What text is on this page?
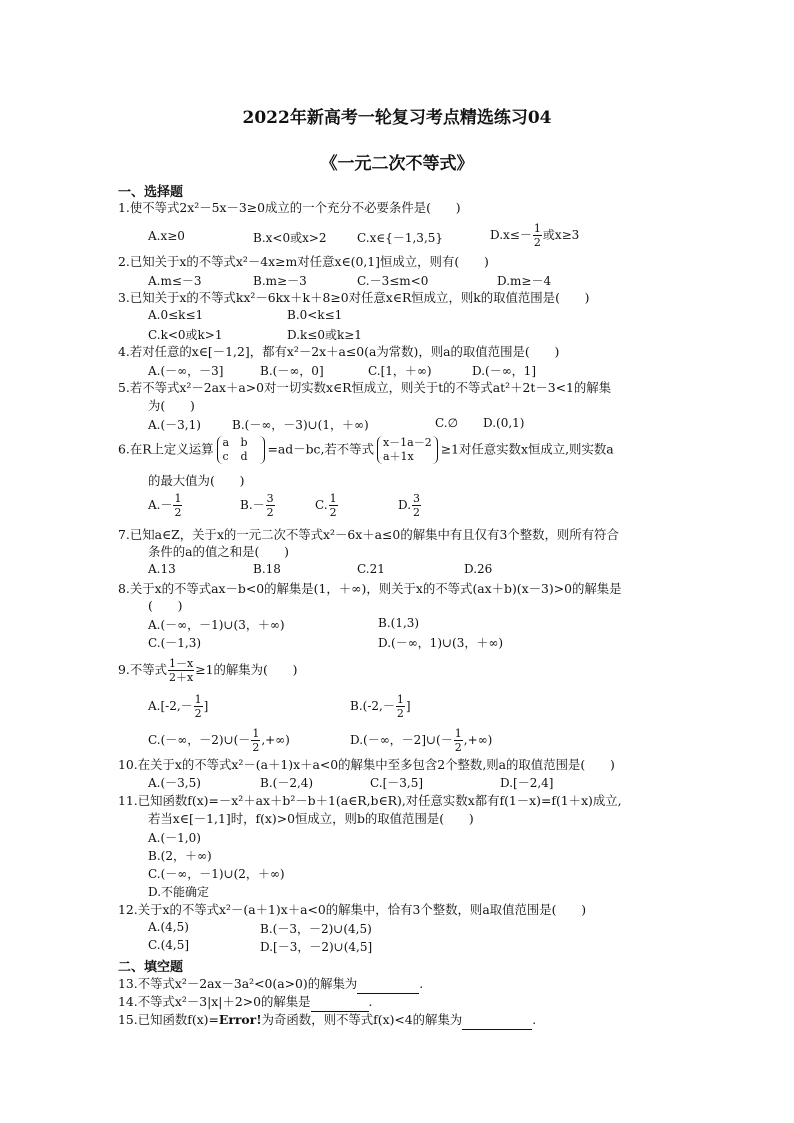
2022年新高考一轮复习考点精选练习04
《一元二次不等式》
一、选择题
1.使不等式2x²－5x－3≥0成立的一个充分不必要条件是(　　)
A.x≥0	B.x<0或x>2	C.x∈{－1,3,5}	$D.x\le- \frac{1}{2}$ 或x≥3
2.已知关于x的不等式x²－4x≥m对任意x∈(0,1]恒成立，则有(　　)
A.m≤－3	B.m≥－3	C.－3≤m<0	D.m≥－4
3.已知关于x的不等式kx²－6kx＋k＋8≥0对任意x∈R恒成立，则k的取值范围是(　　)
A.0≤k≤1	B.0<k≤1
C.k<0或k>1	D.k≤0或k≥1
4.若对任意的x∈[－1,2]，都有x²－2x＋a≤0(a为常数)，则a的取值范围是(　　)
A.(－∞，－3]	B.(－∞，0]	C.[1，＋∞)	D.(－∞，1]
5.若不等式x²－2ax＋a>0对一切实数x∈R恒成立，则关于t的不等式at²＋2t－3<1的解集
为(　　)
A.(－3,1)	B.(－∞，－3)∪(1，＋∞)	C.∅ D.(0,1)
6.在R上定义运算 a b
c d =ad－bc,若不等式 x－1a－2
a＋1x ≥1对任意实数x恒成立,则实数a
的最大值为(　　)
$A.- \frac{1}{2}$	$B.- \frac{3}{2}$	C. $\frac{1}{2}$	D. $\frac{3}{2}$
7.已知a∈Z，关于x的一元二次不等式x²－6x＋a≤0的解集中有且仅有3个整数，则所有符合
条件的a的值之和是(　　)
A.13	B.18	C.21	D.26
8.关于x的不等式ax－b<0的解集是(1，＋∞)，则关于x的不等式(ax＋b)(x－3)>0的解集是
(　　)
A.(－∞，－1)∪(3，＋∞)	B.(1,3)
C.(－1,3)	D.(－∞，1)∪(3，＋∞)
9.不等式 $\frac{1-x}{2+x} \ge 1$的解集为(　　)
$A.[-2,- \frac{1}{2}$ ]	$B.(-2,- \frac{1}{2}$ ]
C.(－∞，－2)∪(－ $\frac{1}{2}$ ,+∞)	D.(－∞，－2]∪(－ $\frac{1}{2}$ ,+∞)
10.在关于x的不等式x²－(a＋1)x＋a<0的解集中至多包含2个整数,则a的取值范围是(　　)
A.(－3,5)	B.(－2,4)	C.[－3,5]	D.[－2,4]
11.已知函数f(x)=－x²＋ax＋b²－b＋1(a∈R,b∈R),对任意实数x都有f(1－x)=f(1＋x)成立,
若当x∈[－1,1]时，f(x)>0恒成立，则b的取值范围是(　　)
A.(－1,0)
B.(2，＋∞)
C.(－∞，－1)∪(2，＋∞)
D.不能确定
12.关于x的不等式x²－(a＋1)x＋a<0的解集中，恰有3个整数，则a取值范围是(　　)
A.(4,5)	B.(－3，－2)∪(4,5)
C.(4,5]	D.[－3，－2)∪(4,5]
二、填空题
13.不等式x²－2ax－3a²<0(a>0)的解集为	.
14.不等式x²－3|x|＋2>0的解集是	.
15.已知函数f(x)=Error!为奇函数，则不等式f(x)<4的解集为	.
